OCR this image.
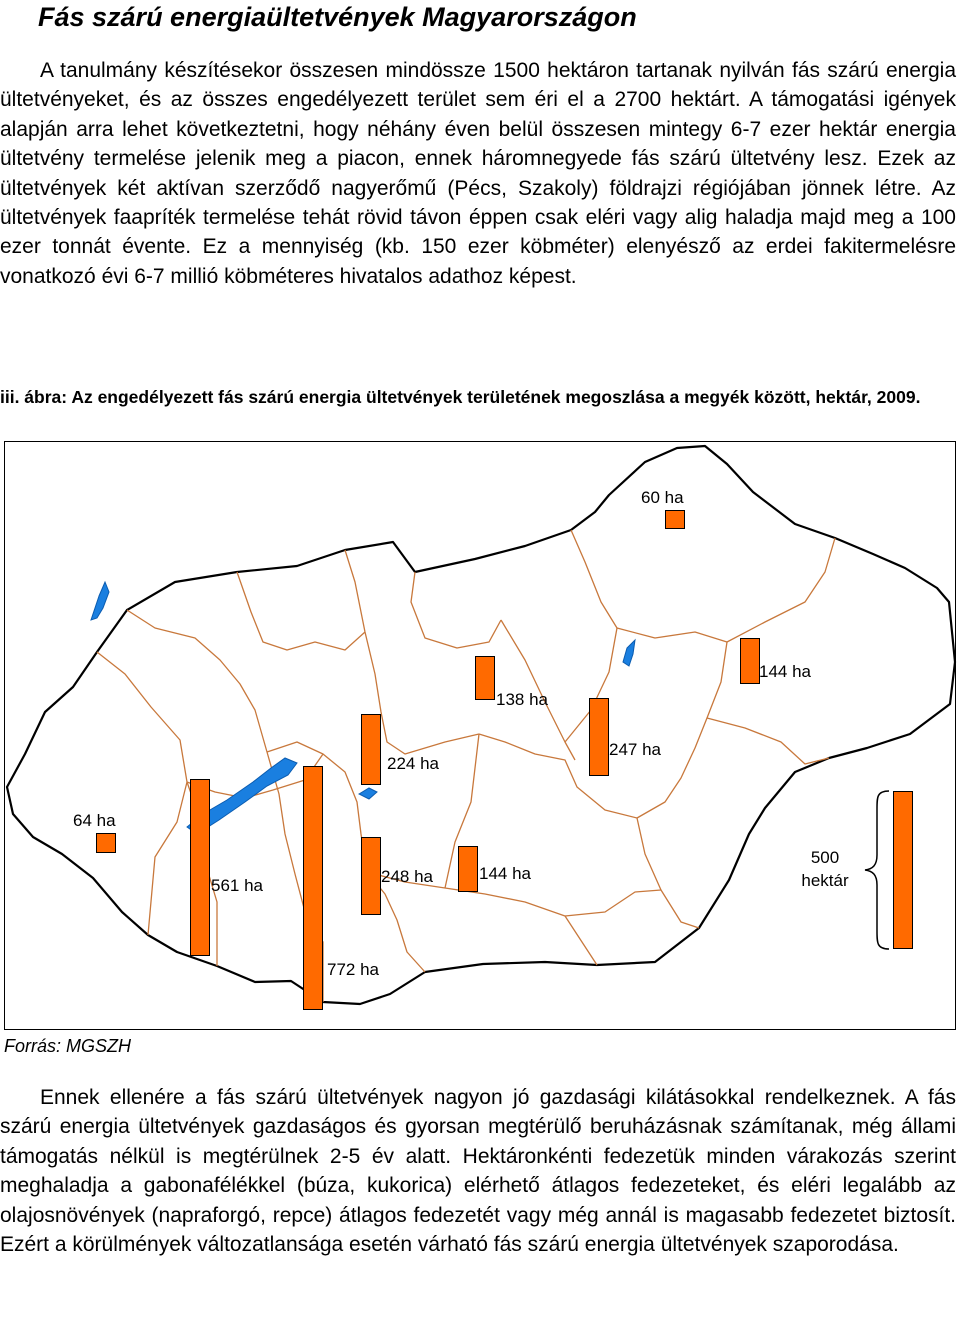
Fás szárú energiaültetvények Magyarországon
A tanulmány készítésekor összesen mindössze 1500 hektáron tartanak nyilván fás szárú energia ültetvényeket, és az összes engedélyezett terület sem éri el a 2700 hektárt. A támogatási igények alapján arra lehet következtetni, hogy néhány éven belül összesen mintegy 6-7 ezer hektár energia ültetvény termelése jelenik meg a piacon, ennek háromnegyede fás szárú ültetvény lesz. Ezek az ültetvények két aktívan szerződő nagyerőmű (Pécs, Szakoly) földrajzi régiójában jönnek létre. Az ültetvények faapríték termelése tehát rövid távon éppen csak eléri vagy alig haladja majd meg a 100 ezer tonnát évente. Ez a mennyiség (kb. 150 ezer köbméter) elenyésző az erdei fakitermelésre vonatkozó évi 6-7 millió köbméteres hivatalos adathoz képest.
iii. ábra: Az engedélyezett fás szárú energia ültetvények területének megoszlása a megyék között, hektár, 2009.
60 ha
144 ha
138 ha
224 ha
247 ha
64 ha
561 ha	248 ha	144 ha
772 ha
500
hektár
Forrás: MGSZH
Ennek ellenére a fás szárú ültetvények nagyon jó gazdasági kilátásokkal rendelkeznek. A fás szárú energia ültetvények gazdaságos és gyorsan megtérülő beruházásnak számítanak, még állami támogatás nélkül is megtérülnek 2-5 év alatt. Hektáronkénti fedezetük minden várakozás szerint meghaladja a gabonafélékkel (búza, kukorica) elérhető átlagos fedezeteket, és eléri legalább az olajosnövények (napraforgó, repce) átlagos fedezetét vagy még annál is magasabb fedezetet biztosít. Ezért a körülmények változatlansága esetén várható fás szárú energia ültetvények szaporodása.
